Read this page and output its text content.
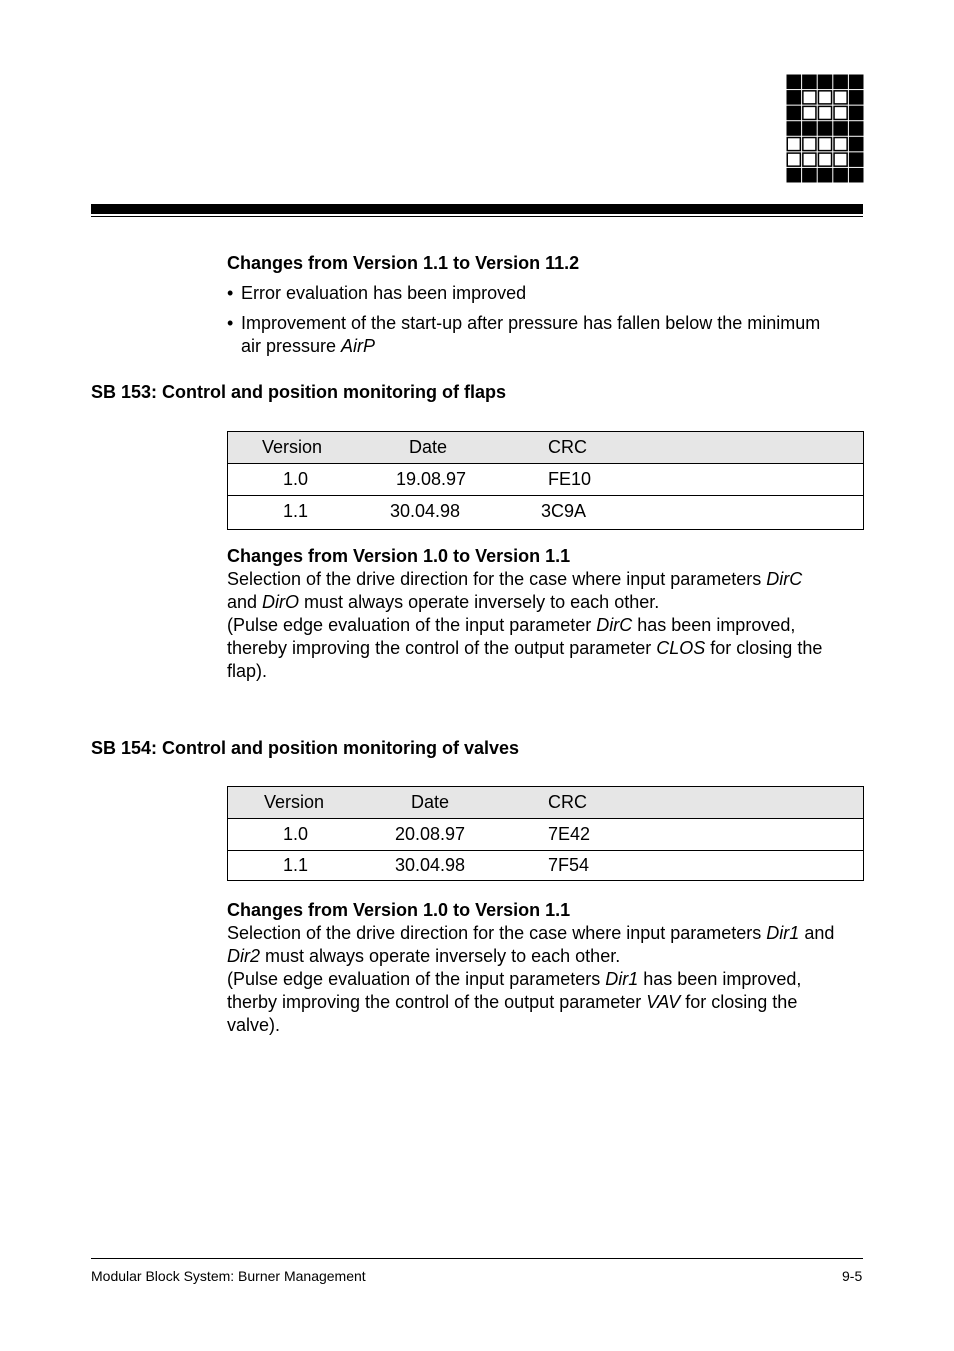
Changes from Version 1.1 to Version 11.2
• Error evaluation has been improved
• Improvement of the start-up after pressure has fallen below the minimum
air pressure AirP
SB 153: Control and position monitoring of flaps
Version	Date	CRC
1.0	19.08.97	FE10
1.1	30.04.98	3C9A
Changes from Version 1.0 to Version 1.1
Selection of the drive direction for the case where input parameters DirC
and DirO must always operate inversely to each other.
(Pulse edge evaluation of the input parameter DirC has been improved,
thereby improving the control of the output parameter CLOS for closing the
flap).
SB 154: Control and position monitoring of valves
Version	Date	CRC
1.0	20.08.97	7E42
1.1	30.04.98	7F54
Changes from Version 1.0 to Version 1.1
Selection of the drive direction for the case where input parameters Dir1 and
Dir2 must always operate inversely to each other.
(Pulse edge evaluation of the input parameters Dir1 has been improved,
therby improving the control of the output parameter VAV for closing the
valve).
Modular Block System: Burner Management	9-5
